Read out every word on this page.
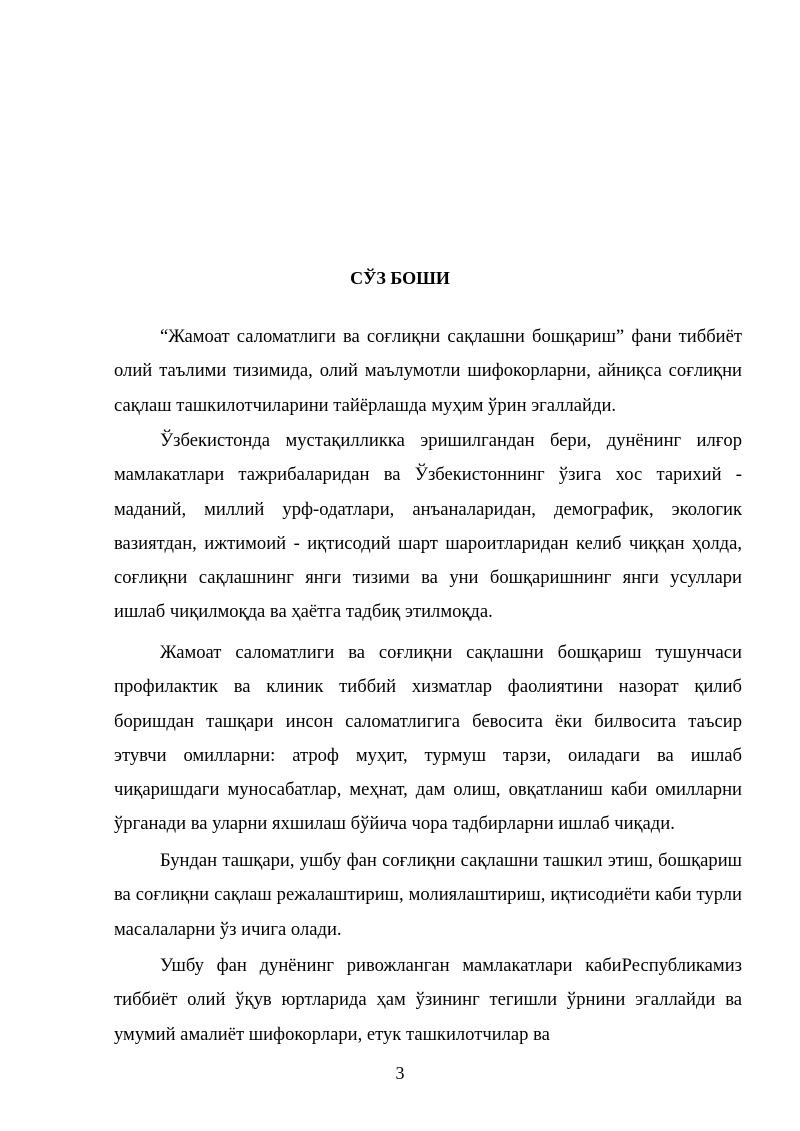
СЎЗ БОШИ

“Жамоат саломатлиги ва соғлиқни сақлашни бошқариш” фани тиббиёт олий таълими тизимида, олий маълумотли шифокорларни, айниқса соғлиқни сақлаш ташкилотчиларини тайёрлашда муҳим ўрин эгаллайди.

Ўзбекистонда мустақилликка эришилгандан бери, дунёнинг илғор мамлакатлари тажрибаларидан ва Ўзбекистоннинг ўзига хос тарихий - маданий, миллий урф-одатлари, анъаналаридан, демографик, экологик вазиятдан, ижтимоий - иқтисодий шарт шароитларидан келиб чиққан ҳолда, соғлиқни сақлашнинг янги тизими ва уни бошқаришнинг янги усуллари ишлаб чиқилмоқда ва ҳаётга тадбиқ этилмоқда.

Жамоат саломатлиги ва соғлиқни сақлашни бошқариш тушунчаси профилактик ва клиник тиббий хизматлар фаолиятини назорат қилиб боришдан ташқари инсон саломатлигига бевосита ёки билвосита таъсир этувчи омилларни: атроф муҳит, турмуш тарзи, оиладаги ва ишлаб чиқаришдаги муносабатлар, меҳнат, дам олиш, овқатланиш каби омилларни ўрганади ва уларни яхшилаш бўйича чора тадбирларни ишлаб чиқади.

Бундан ташқари, ушбу фан соғлиқни сақлашни ташкил этиш, бошқариш ва соғлиқни сақлаш режалаштириш, молиялаштириш, иқтисодиёти каби турли масалаларни ўз ичига олади.

Ушбу фан дунёнинг ривожланган мамлакатлари кабиРеспубликамиз тиббиёт олий ўқув юртларида ҳам ўзининг тегишли ўрнини эгаллайди ва умумий амалиёт шифокорлари, етук ташкилотчилар ва

3
